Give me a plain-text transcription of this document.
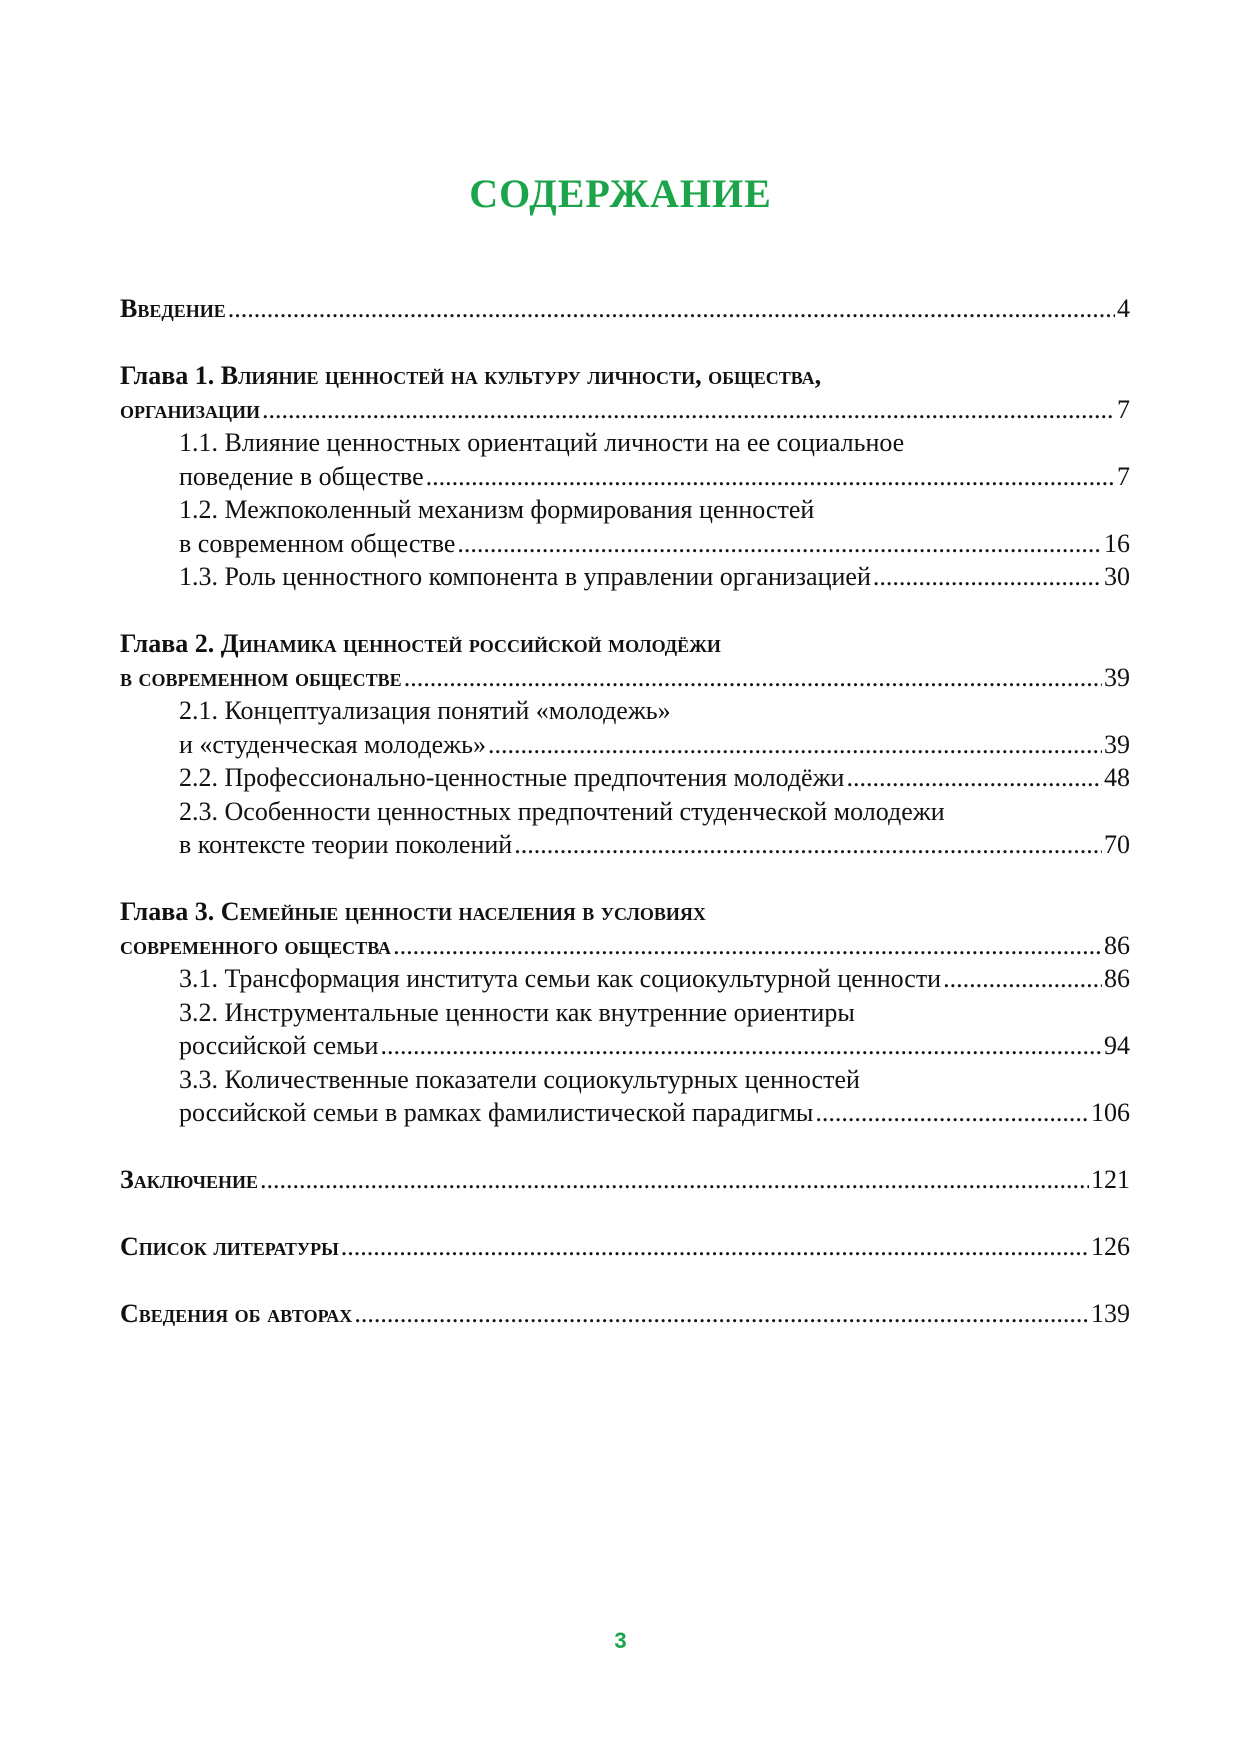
СОДЕРЖАНИЕ
Введение .....	4
Глава 1. Влияние ценностей на культуру личности, общества,
организации .....	7
1.1. Влияние ценностных ориентаций личности на ее социальное
поведение в обществе .....	7
1.2. Межпоколенный механизм формирования ценностей
в современном обществе .....	16
1.3. Роль ценностного компонента в управлении организацией .....	30
Глава 2. Динамика ценностей российской молодёжи
в современном обществе .....	39
2.1. Концептуализация понятий «молодежь»
и «студенческая молодежь» .....	39
2.2. Профессионально-ценностные предпочтения молодёжи .....	48
2.3. Особенности ценностных предпочтений студенческой молодежи
в контексте теории поколений .....	70
Глава 3. Семейные ценности населения в условиях
современного общества .....	86
3.1. Трансформация института семьи как социокультурной ценности .....	86
3.2. Инструментальные ценности как внутренние ориентиры
российской семьи .....	94
3.3. Количественные показатели социокультурных ценностей
российской семьи в рамках фамилистической парадигмы .....	106
Заключение .....	121
Список литературы .....	126
Сведения об авторах .....	139
3
